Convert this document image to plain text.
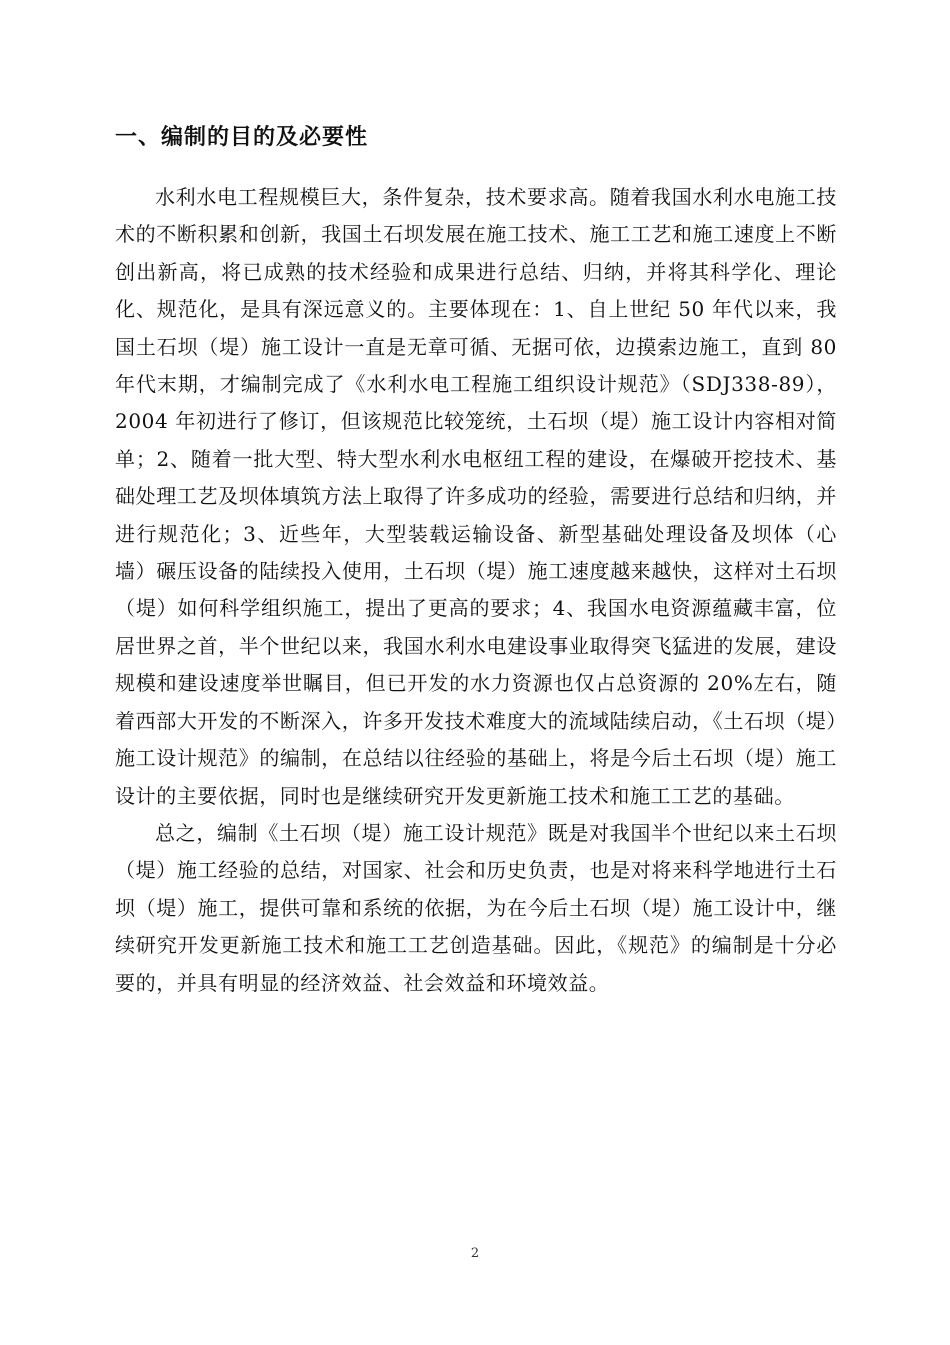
一、编制的目的及必要性

水利水电工程规模巨大，条件复杂，技术要求高。随着我国水利水电施工技术的不断积累和创新，我国土石坝发展在施工技术、施工工艺和施工速度上不断创出新高，将已成熟的技术经验和成果进行总结、归纳，并将其科学化、理论化、规范化，是具有深远意义的。主要体现在：1、自上世纪 50 年代以来，我国土石坝（堤）施工设计一直是无章可循、无据可依，边摸索边施工，直到 80 年代末期，才编制完成了《水利水电工程施工组织设计规范》（SDJ338-89），2004 年初进行了修订，但该规范比较笼统，土石坝（堤）施工设计内容相对简单；2、随着一批大型、特大型水利水电枢纽工程的建设，在爆破开挖技术、基础处理工艺及坝体填筑方法上取得了许多成功的经验，需要进行总结和归纳，并进行规范化；3、近些年，大型装载运输设备、新型基础处理设备及坝体（心墙）碾压设备的陆续投入使用，土石坝（堤）施工速度越来越快，这样对土石坝（堤）如何科学组织施工，提出了更高的要求；4、我国水电资源蕴藏丰富，位居世界之首，半个世纪以来，我国水利水电建设事业取得突飞猛进的发展，建设规模和建设速度举世瞩目，但已开发的水力资源也仅占总资源的 20%左右，随着西部大开发的不断深入，许多开发技术难度大的流域陆续启动，《土石坝（堤）施工设计规范》的编制，在总结以往经验的基础上，将是今后土石坝（堤）施工设计的主要依据，同时也是继续研究开发更新施工技术和施工工艺的基础。

总之，编制《土石坝（堤）施工设计规范》既是对我国半个世纪以来土石坝（堤）施工经验的总结，对国家、社会和历史负责，也是对将来科学地进行土石坝（堤）施工，提供可靠和系统的依据，为在今后土石坝（堤）施工设计中，继续研究开发更新施工技术和施工工艺创造基础。因此，《规范》的编制是十分必要的，并具有明显的经济效益、社会效益和环境效益。

2
